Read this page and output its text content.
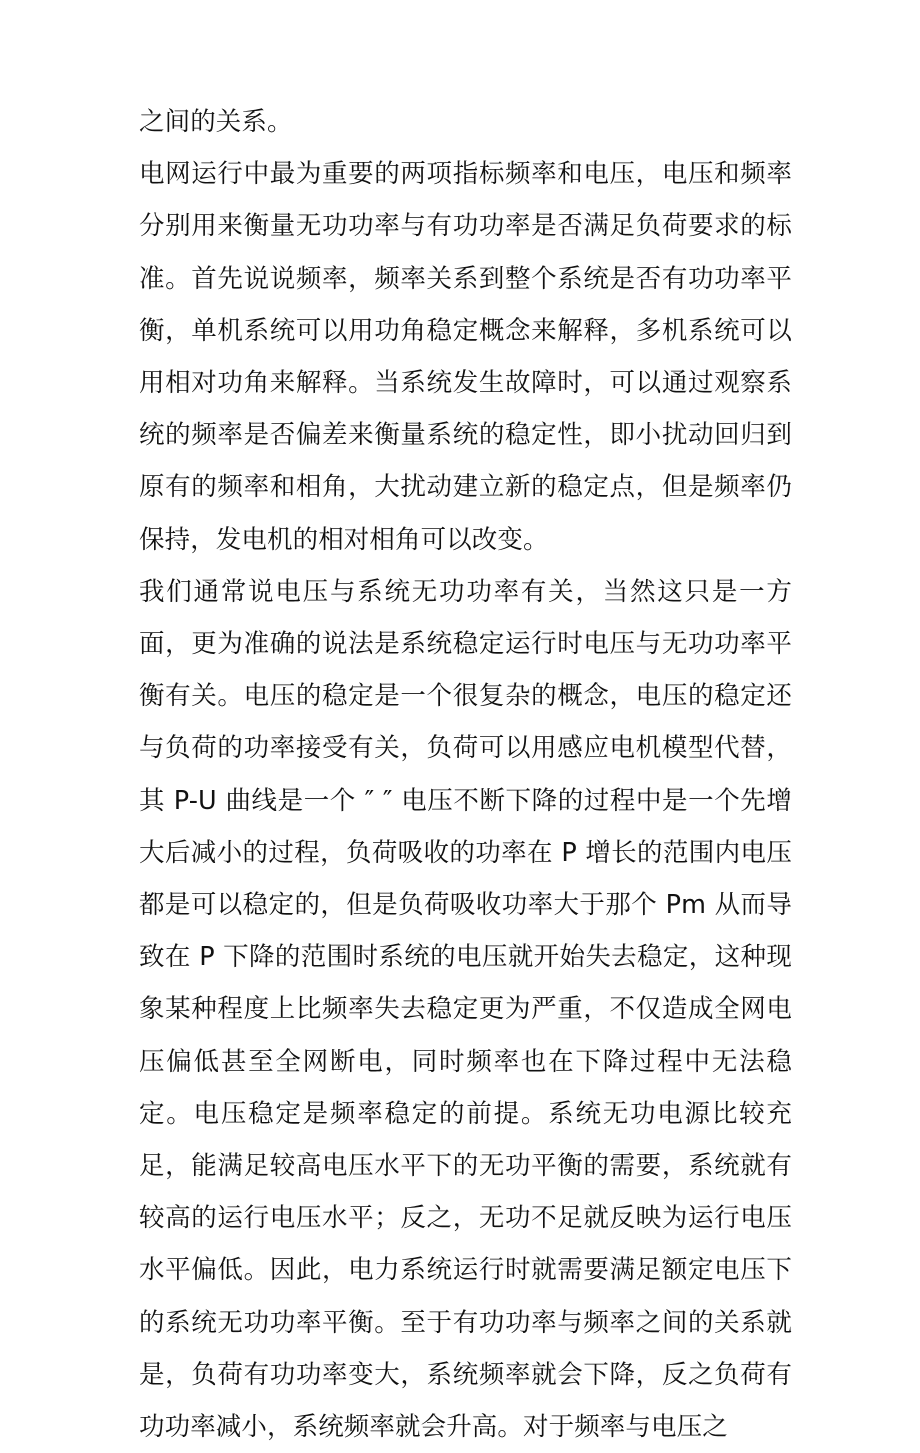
之间的关系。

电网运行中最为重要的两项指标频率和电压，电压和频率分别用来衡量无功功率与有功功率是否满足负荷要求的标准。首先说说频率，频率关系到整个系统是否有功功率平衡，单机系统可以用功角稳定概念来解释，多机系统可以用相对功角来解释。当系统发生故障时，可以通过观察系统的频率是否偏差来衡量系统的稳定性，即小扰动回归到原有的频率和相角，大扰动建立新的稳定点，但是频率仍保持，发电机的相对相角可以改变。

我们通常说电压与系统无功功率有关，当然这只是一方面，更为准确的说法是系统稳定运行时电压与无功功率平衡有关。电压的稳定是一个很复杂的概念，电压的稳定还与负荷的功率接受有关，负荷可以用感应电机模型代替，其 P-U 曲线是一个 ″ ″ 电压不断下降的过程中是一个先增大后减小的过程，负荷吸收的功率在 P 增长的范围内电压都是可以稳定的，但是负荷吸收功率大于那个 Pm 从而导致在 P 下降的范围时系统的电压就开始失去稳定，这种现象某种程度上比频率失去稳定更为严重，不仅造成全网电压偏低甚至全网断电，同时频率也在下降过程中无法稳定。电压稳定是频率稳定的前提。系统无功电源比较充足，能满足较高电压水平下的无功平衡的需要，系统就有较高的运行电压水平；反之，无功不足就反映为运行电压水平偏低。因此，电力系统运行时就需要满足额定电压下的系统无功功率平衡。至于有功功率与频率之间的关系就是，负荷有功功率变大，系统频率就会下降，反之负荷有功功率减小，系统频率就会升高。对于频率与电压之
